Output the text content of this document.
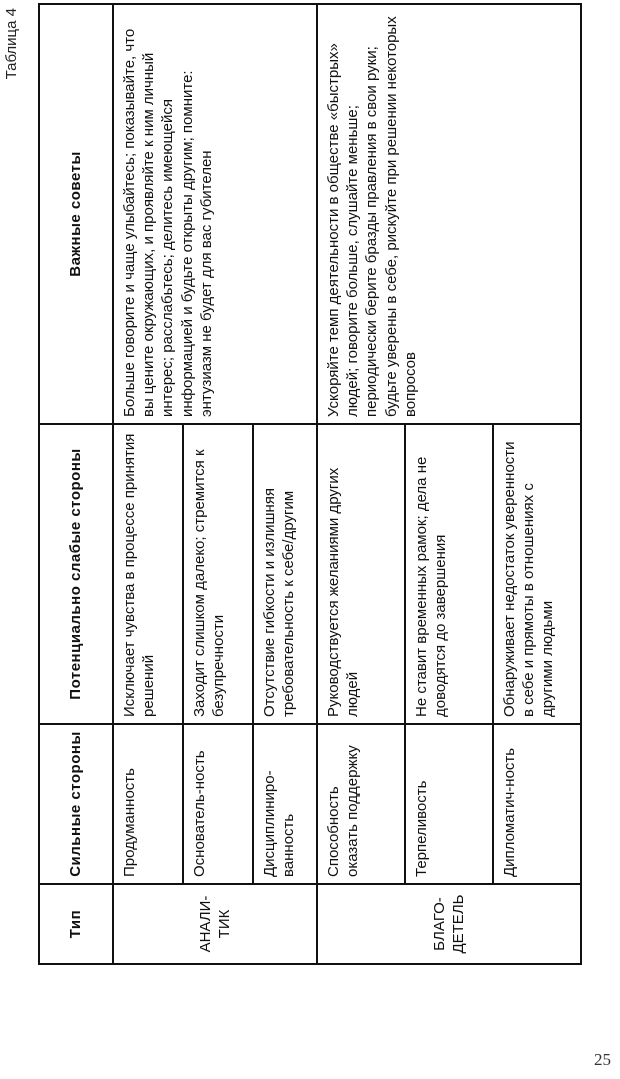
Таблица 4
Тип	Сильные стороны	Потенциально слабые стороны	Важные советы
АНАЛИ-ТИК	Продуманность	Исключает чувства в процессе принятия решений	Больше говорите и чаще улыбайтесь; показывайте, что вы цените окружающих, и проявляйте к ним личный интерес; расслабьтесь; делитесь имеющейся информацией и будьте открыты другим; помните: энтузиазм не будет для вас губителен
	Основатель-ность	Заходит слишком далеко; стремится к безупречности	
	Дисциплиниро-ванность	Отсутствие гибкости и излишняя требовательность к себе/другим	
БЛАГО-ДЕТЕЛЬ	Способность оказать поддержку	Руководствуется желаниями других людей	Ускоряйте темп деятельности в обществе «быстрых» людей; говорите больше, слушайте меньше; периодически берите бразды правления в свои руки; будьте уверены в себе, рискуйте при решении некоторых вопросов
	Терпеливость	Не ставит временных рамок; дела не доводятся до завершения	
	Дипломатич-ность	Обнаруживает недостаток уверенности в себе и прямоты в отношениях с другими людьми	
25
